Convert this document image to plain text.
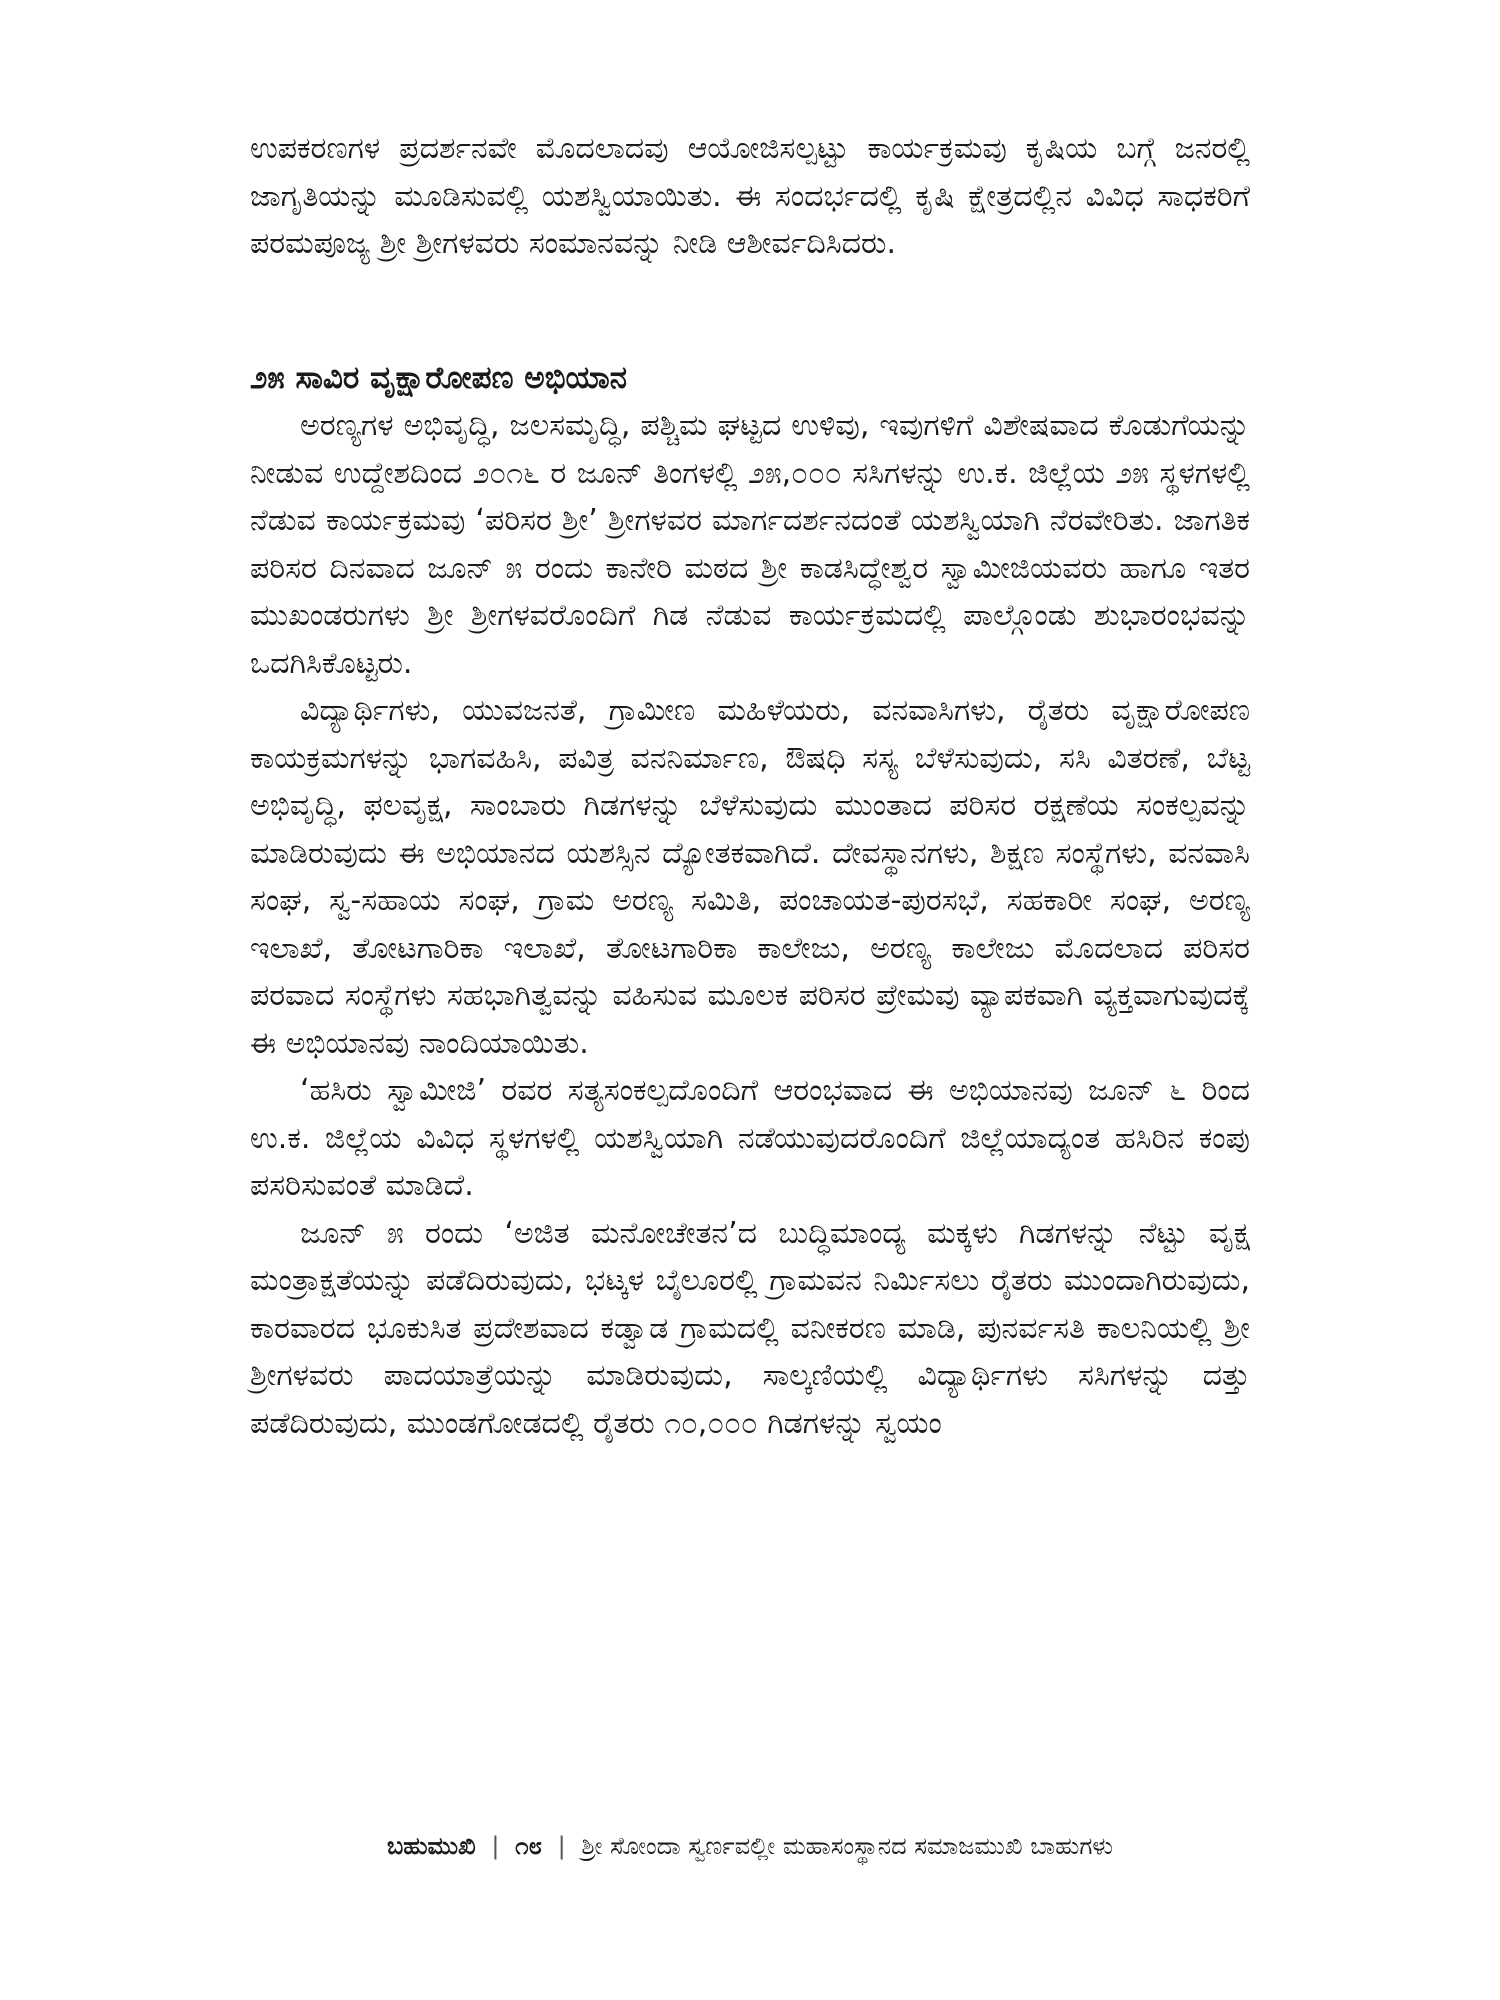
ಉಪಕರಣಗಳ ಪ್ರದರ್ಶನವೇ ಮೊದಲಾದವು ಆಯೋಜಿಸಲ್ಪಟ್ಟು ಕಾರ್ಯಕ್ರಮವು ಕೃಷಿಯ ಬಗ್ಗೆ ಜನರಲ್ಲಿ ಜಾಗೃತಿಯನ್ನು ಮೂಡಿಸುವಲ್ಲಿ ಯಶಸ್ವಿಯಾಯಿತು. ಈ ಸಂದರ್ಭದಲ್ಲಿ ಕೃಷಿ ಕ್ಷೇತ್ರದಲ್ಲಿನ ವಿವಿಧ ಸಾಧಕರಿಗೆ ಪರಮಪೂಜ್ಯ ಶ್ರೀ ಶ್ರೀಗಳವರು ಸಂಮಾನವನ್ನು ನೀಡಿ ಆಶೀರ್ವದಿಸಿದರು.

೨೫ ಸಾವಿರ ವೃಕ್ಷಾರೋಪಣ ಅಭಿಯಾನ

ಅರಣ್ಯಗಳ ಅಭಿವೃದ್ಧಿ, ಜಲಸಮೃದ್ಧಿ, ಪಶ್ಚಿಮ ಘಟ್ಟದ ಉಳಿವು, ಇವುಗಳಿಗೆ ವಿಶೇಷವಾದ ಕೊಡುಗೆಯನ್ನು ನೀಡುವ ಉದ್ದೇಶದಿಂದ ೨೦೧೬ ರ ಜೂನ್ ತಿಂಗಳಲ್ಲಿ ೨೫,೦೦೦ ಸಸಿಗಳನ್ನು ಉ.ಕ. ಜಿಲ್ಲೆಯ ೨೫ ಸ್ಥಳಗಳಲ್ಲಿ ನೆಡುವ ಕಾರ್ಯಕ್ರಮವು ‘ಪರಿಸರ ಶ್ರೀ’ ಶ್ರೀಗಳವರ ಮಾರ್ಗದರ್ಶನದಂತೆ ಯಶಸ್ವಿಯಾಗಿ ನೆರವೇರಿತು. ಜಾಗತಿಕ ಪರಿಸರ ದಿನವಾದ ಜೂನ್ ೫ ರಂದು ಕಾನೇರಿ ಮಠದ ಶ್ರೀ ಕಾಡಸಿದ್ಧೇಶ್ವರ ಸ್ವಾಮೀಜಿಯವರು ಹಾಗೂ ಇತರ ಮುಖಂಡರುಗಳು ಶ್ರೀ ಶ್ರೀಗಳವರೊಂದಿಗೆ ಗಿಡ ನೆಡುವ ಕಾರ್ಯಕ್ರಮದಲ್ಲಿ ಪಾಲ್ಗೊಂಡು ಶುಭಾರಂಭವನ್ನು ಒದಗಿಸಿಕೊಟ್ಟರು.

ವಿದ್ಯಾರ್ಥಿಗಳು, ಯುವಜನತೆ, ಗ್ರಾಮೀಣ ಮಹಿಳೆಯರು, ವನವಾಸಿಗಳು, ರೈತರು ವೃಕ್ಷಾರೋಪಣ ಕಾಯಕ್ರಮಗಳನ್ನು ಭಾಗವಹಿಸಿ, ಪವಿತ್ರ ವನನಿರ್ಮಾಣ, ಔಷಧಿ ಸಸ್ಯ ಬೆಳೆಸುವುದು, ಸಸಿ ವಿತರಣೆ, ಬೆಟ್ಟ ಅಭಿವೃದ್ಧಿ, ಫಲವೃಕ್ಷ, ಸಾಂಬಾರು ಗಿಡಗಳನ್ನು ಬೆಳೆಸುವುದು ಮುಂತಾದ ಪರಿಸರ ರಕ್ಷಣೆಯ ಸಂಕಲ್ಪವನ್ನು ಮಾಡಿರುವುದು ಈ ಅಭಿಯಾನದ ಯಶಸ್ಸಿನ ದ್ಯೋತಕವಾಗಿದೆ. ದೇವಸ್ಥಾನಗಳು, ಶಿಕ್ಷಣ ಸಂಸ್ಥೆಗಳು, ವನವಾಸಿ ಸಂಘ, ಸ್ವ-ಸಹಾಯ ಸಂಘ, ಗ್ರಾಮ ಅರಣ್ಯ ಸಮಿತಿ, ಪಂಚಾಯತ-ಪುರಸಭೆ, ಸಹಕಾರೀ ಸಂಘ, ಅರಣ್ಯ ಇಲಾಖೆ, ತೋಟಗಾರಿಕಾ ಇಲಾಖೆ, ತೋಟಗಾರಿಕಾ ಕಾಲೇಜು, ಅರಣ್ಯ ಕಾಲೇಜು ಮೊದಲಾದ ಪರಿಸರ ಪರವಾದ ಸಂಸ್ಥೆಗಳು ಸಹಭಾಗಿತ್ವವನ್ನು ವಹಿಸುವ ಮೂಲಕ ಪರಿಸರ ಪ್ರೇಮವು ವ್ಯಾಪಕವಾಗಿ ವ್ಯಕ್ತವಾಗುವುದಕ್ಕೆ ಈ ಅಭಿಯಾನವು ನಾಂದಿಯಾಯಿತು.

‘ಹಸಿರು ಸ್ವಾಮೀಜಿ’ ರವರ ಸತ್ಯಸಂಕಲ್ಪದೊಂದಿಗೆ ಆರಂಭವಾದ ಈ ಅಭಿಯಾನವು ಜೂನ್ ೬ ರಿಂದ ಉ.ಕ. ಜಿಲ್ಲೆಯ ವಿವಿಧ ಸ್ಥಳಗಳಲ್ಲಿ ಯಶಸ್ವಿಯಾಗಿ ನಡೆಯುವುದರೊಂದಿಗೆ ಜಿಲ್ಲೆಯಾದ್ಯಂತ ಹಸಿರಿನ ಕಂಪು ಪಸರಿಸುವಂತೆ ಮಾಡಿದೆ.

ಜೂನ್ ೫ ರಂದು ‘ಅಜಿತ ಮನೋಚೇತನ’ದ ಬುದ್ಧಿಮಾಂದ್ಯ ಮಕ್ಕಳು ಗಿಡಗಳನ್ನು ನೆಟ್ಟು ವೃಕ್ಷ ಮಂತ್ರಾಕ್ಷತೆಯನ್ನು ಪಡೆದಿರುವುದು, ಭಟ್ಕಳ ಬೈಲೂರಲ್ಲಿ ಗ್ರಾಮವನ ನಿರ್ಮಿಸಲು ರೈತರು ಮುಂದಾಗಿರುವುದು, ಕಾರವಾರದ ಭೂಕುಸಿತ ಪ್ರದೇಶವಾದ ಕಡ್ವಾಡ ಗ್ರಾಮದಲ್ಲಿ ವನೀಕರಣ ಮಾಡಿ, ಪುನರ್ವಸತಿ ಕಾಲನಿಯಲ್ಲಿ ಶ್ರೀ ಶ್ರೀಗಳವರು ಪಾದಯಾತ್ರೆಯನ್ನು ಮಾಡಿರುವುದು, ಸಾಲ್ಕಣಿಯಲ್ಲಿ ವಿದ್ಯಾರ್ಥಿಗಳು ಸಸಿಗಳನ್ನು ದತ್ತು ಪಡೆದಿರುವುದು, ಮುಂಡಗೋಡದಲ್ಲಿ ರೈತರು ೧೦,೦೦೦ ಗಿಡಗಳನ್ನು ಸ್ವಯಂ

ಬಹುಮುಖಿ | ೧೮ | ಶ್ರೀ ಸೋಂದಾ ಸ್ವರ್ಣವಲ್ಲೀ ಮಹಾಸಂಸ್ಥಾನದ ಸಮಾಜಮುಖಿ ಬಾಹುಗಳು
